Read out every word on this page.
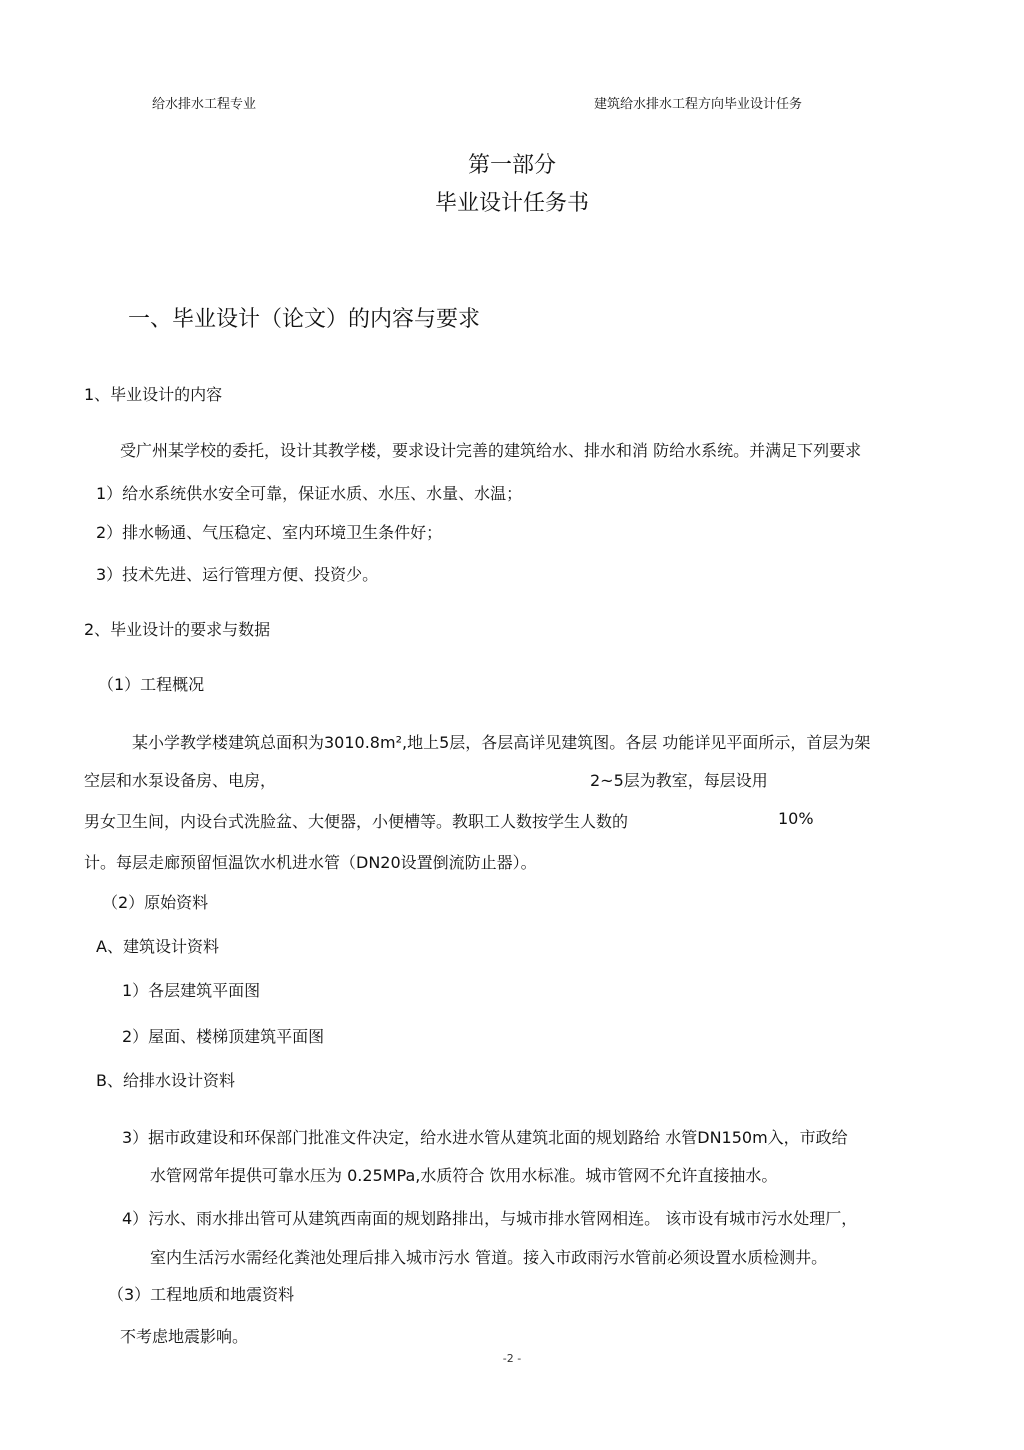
给水排水工程专业	建筑给水排水工程方向毕业设计任务
第一部分
毕业设计任务书
一、毕业设计（论文）的内容与要求
1、毕业设计的内容
受广州某学校的委托，设计其教学楼，要求设计完善的建筑给水、排水和消 防给水系统。并满足下列要求
1）给水系统供水安全可靠，保证水质、水压、水量、水温；
2）排水畅通、气压稳定、室内环境卫生条件好；
3）技术先进、运行管理方便、投资少。
2、毕业设计的要求与数据
（1）工程概况
某小学教学楼建筑总面积为3010.8m²,地上5层，各层高详见建筑图。各层 功能详见平面所示，首层为架
空层和水泵设备房、电房，	2~5层为教室，每层设用
男女卫生间，内设台式洗脸盆、大便器，小便槽等。教职工人数按学生人数的	10%
计。每层走廊预留恒温饮水机进水管（DN20设置倒流防止器）。
（2）原始资料
A、建筑设计资料
1）各层建筑平面图
2）屋面、楼梯顶建筑平面图
B、给排水设计资料
3）据市政建设和环保部门批准文件决定，给水进水管从建筑北面的规划路给 水管DN150m入，市政给
水管网常年提供可靠水压为 0.25MPa,水质符合 饮用水标准。城市管网不允许直接抽水。
4）污水、雨水排出管可从建筑西南面的规划路排出，与城市排水管网相连。 该市设有城市污水处理厂，
室内生活污水需经化粪池处理后排入城市污水 管道。接入市政雨污水管前必须设置水质检测井。
（3）工程地质和地震资料
不考虑地震影响。
-2 -
